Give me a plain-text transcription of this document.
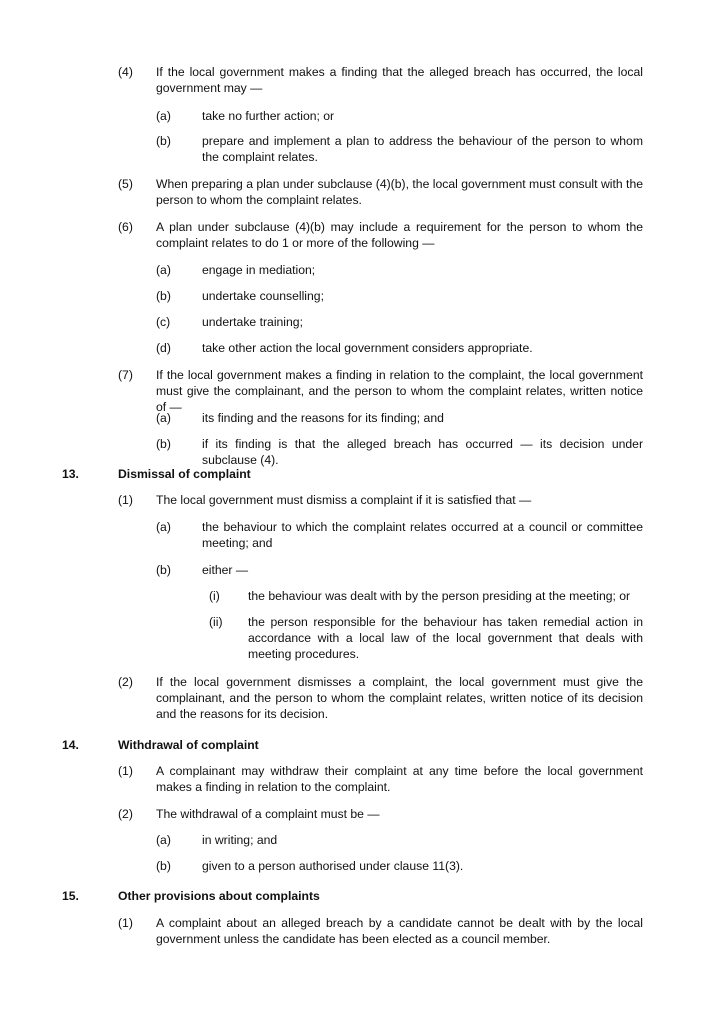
(4) If the local government makes a finding that the alleged breach has occurred, the local government may —
(a)	take no further action; or
(b)	prepare and implement a plan to address the behaviour of the person to whom the complaint relates.
(5) When preparing a plan under subclause (4)(b), the local government must consult with the person to whom the complaint relates.
(6) A plan under subclause (4)(b) may include a requirement for the person to whom the complaint relates to do 1 or more of the following —
(a)	engage in mediation;
(b)	undertake counselling;
(c)	undertake training;
(d)	take other action the local government considers appropriate.
(7) If the local government makes a finding in relation to the complaint, the local government must give the complainant, and the person to whom the complaint relates, written notice of —
(a)	its finding and the reasons for its finding; and
(b)	if its finding is that the alleged breach has occurred — its decision under subclause (4).
13.	Dismissal of complaint
(1) The local government must dismiss a complaint if it is satisfied that —
(a)	the behaviour to which the complaint relates occurred at a council or committee meeting; and
(b)	either —
(i) the behaviour was dealt with by the person presiding at the meeting; or
(ii) the person responsible for the behaviour has taken remedial action in accordance with a local law of the local government that deals with meeting procedures.
(2) If the local government dismisses a complaint, the local government must give the complainant, and the person to whom the complaint relates, written notice of its decision and the reasons for its decision.
14.	Withdrawal of complaint
(1) A complainant may withdraw their complaint at any time before the local government makes a finding in relation to the complaint.
(2) The withdrawal of a complaint must be —
(a)	in writing; and
(b)	given to a person authorised under clause 11(3).
15.	Other provisions about complaints
(1) A complaint about an alleged breach by a candidate cannot be dealt with by the local government unless the candidate has been elected as a council member.
